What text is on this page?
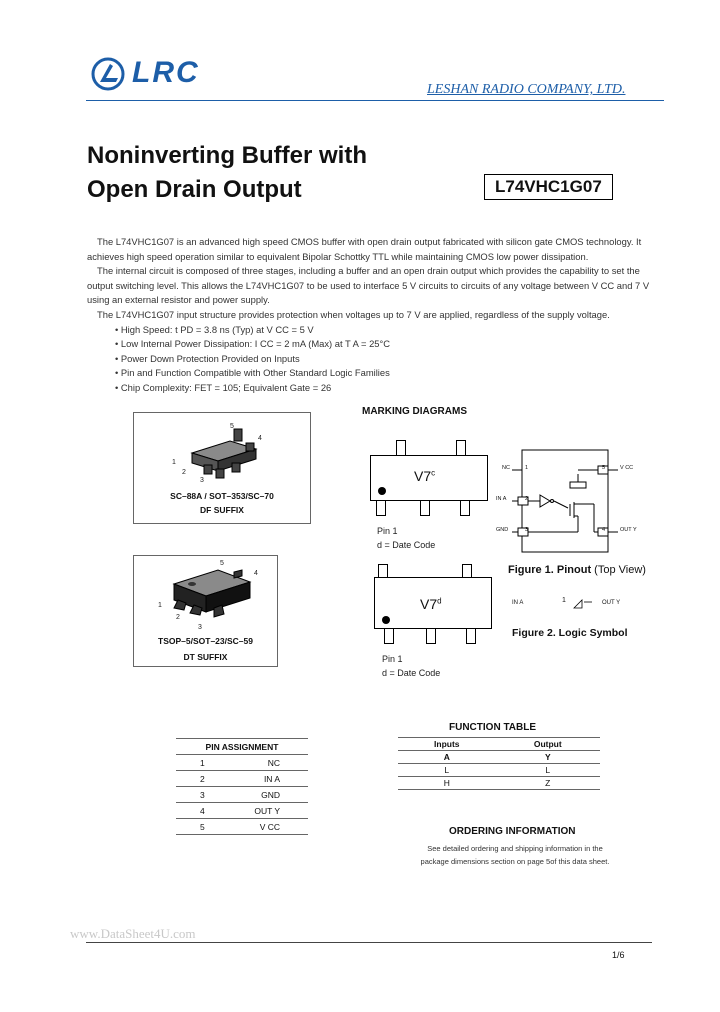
LRC
LESHAN RADIO COMPANY, LTD.
Noninverting Buffer with
Open Drain Output	L74VHC1G07

The L74VHC1G07 is an advanced high speed CMOS buffer with open drain output fabricated with silicon gate CMOS technology. It achieves high speed operation similar to equivalent Bipolar Schottky TTL while maintaining CMOS low power dissipation.

The internal circuit is composed of three stages, including a buffer and an open drain output which provides the capability to set the output switching level. This allows the L74VHC1G07 to be used to interface 5 V circuits to circuits of any voltage between V CC and 7 V using an external resistor and power supply.

The L74VHC1G07 input structure provides protection when voltages up to 7 V are applied, regardless of the supply voltage.

• High Speed: t PD = 3.8 ns (Typ) at V CC = 5 V
• Low Internal Power Dissipation: I CC = 2 mA (Max) at T A = 25°C
• Power Down Protection Provided on Inputs
• Pin and Function Compatible with Other Standard Logic Families
• Chip Complexity: FET = 105; Equivalent Gate = 26
5
4
1
2
3
SC–88A / SOT–353/SC–70
DF SUFFIX
5
4
1
2
3
TSOP–5/SOT–23/SC–59
DT SUFFIX
MARKING DIAGRAMS
V7$^c$
Pin 1
d = Date Code
V7$^d$
Pin 1
d = Date Code
NC
IN A
GND
1
2
3
5
4
V CC
OUT Y
Figure 1. Pinout (Top View)
IN A	1	OUT Y
Figure 2. Logic Symbol
PIN ASSIGNMENT	
1	NC
2	IN A
3	GND
4	OUT Y
5	V CC
FUNCTION TABLE
Inputs	Output
A	Y
L	L
H	Z
ORDERING INFORMATION
See detailed ordering and shipping information in the
package dimensions section on page 5of this data sheet.
www.DataSheet4U.com
1/6
